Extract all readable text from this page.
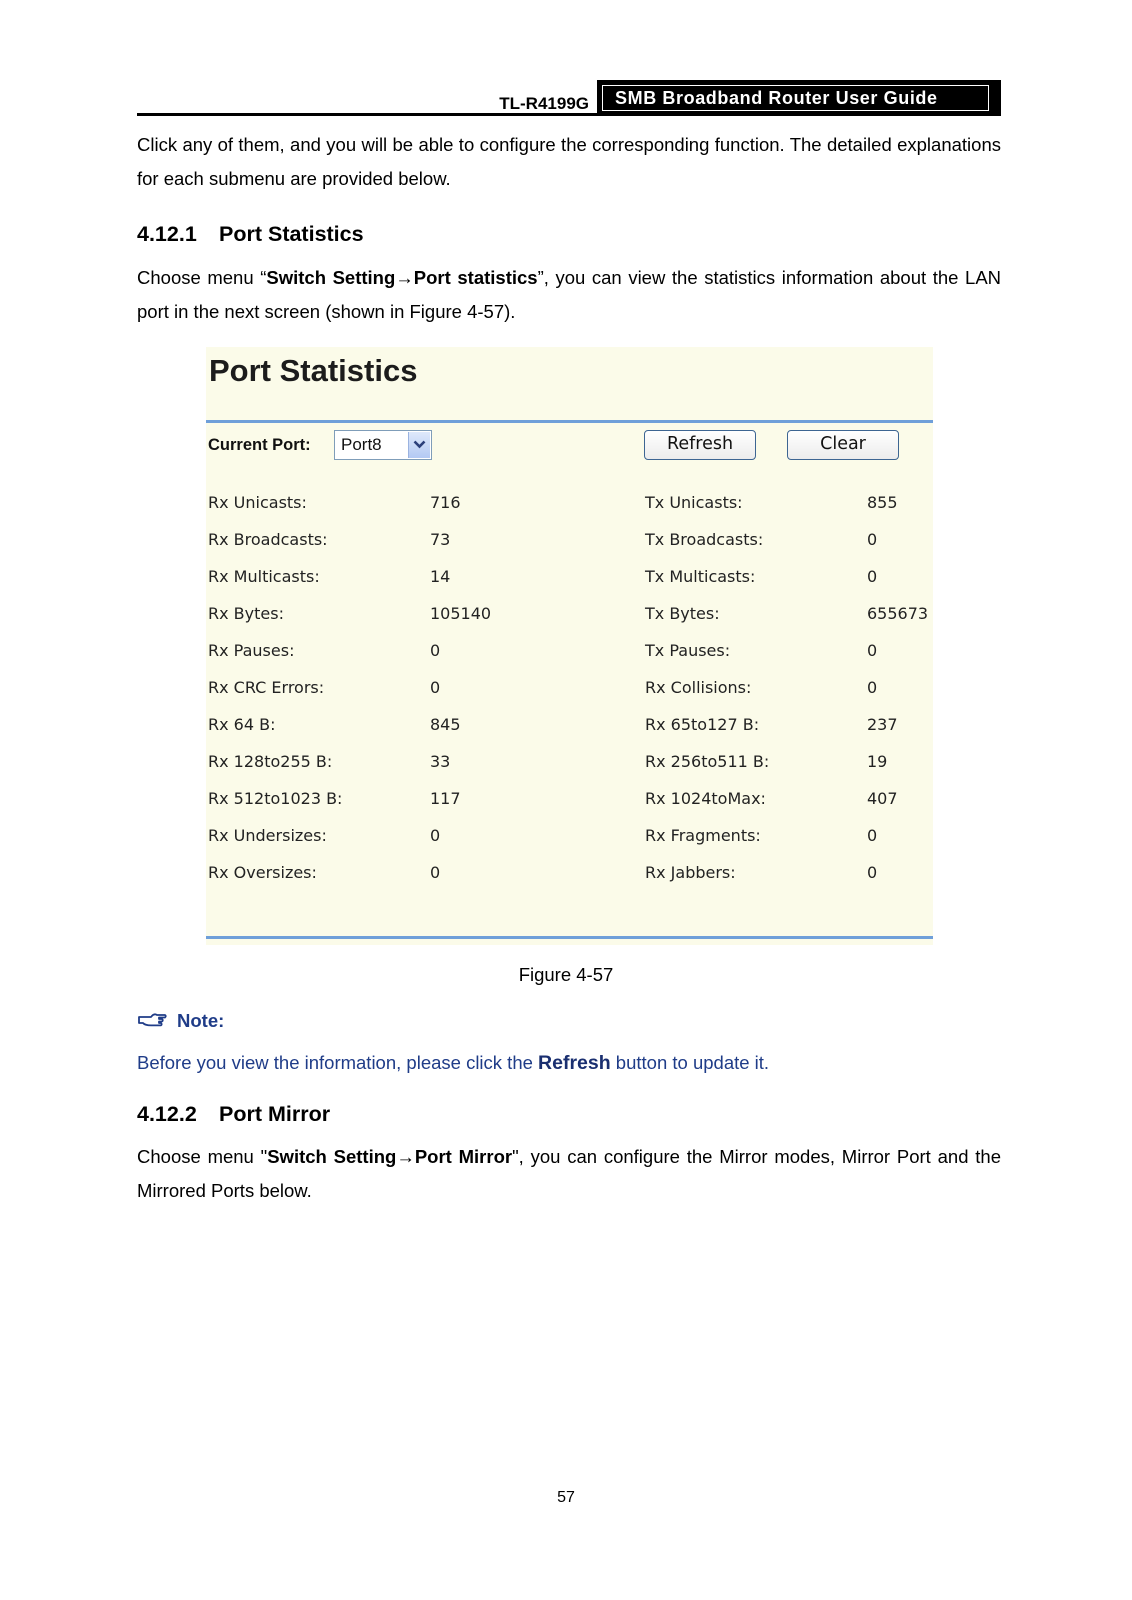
TL-R4199G	SMB Broadband Router User Guide
Click any of them, and you will be able to configure the corresponding function. The detailed explanations for each submenu are provided below.
4.12.1 Port Statistics
Choose menu “Switch Setting→Port statistics”, you can view the statistics information about the LAN port in the next screen (shown in Figure 4-57).
Port Statistics
Current Port: Port8	Refresh	Clear
Rx Unicasts:	716	Tx Unicasts:	855
Rx Broadcasts:	73	Tx Broadcasts:	0
Rx Multicasts:	14	Tx Multicasts:	0
Rx Bytes:	105140	Tx Bytes:	655673
Rx Pauses:	0	Tx Pauses:	0
Rx CRC Errors:	0	Rx Collisions:	0
Rx 64 B:	845	Rx 65to127 B:	237
Rx 128to255 B:	33	Rx 256to511 B:	19
Rx 512to1023 B:	117	Rx 1024toMax:	407
Rx Undersizes:	0	Rx Fragments:	0
Rx Oversizes:	0	Rx Jabbers:	0
Figure 4-57
Note:
Before you view the information, please click the Refresh button to update it.
4.12.2 Port Mirror
Choose menu "Switch Setting→Port Mirror", you can configure the Mirror modes, Mirror Port and the Mirrored Ports below.
57
